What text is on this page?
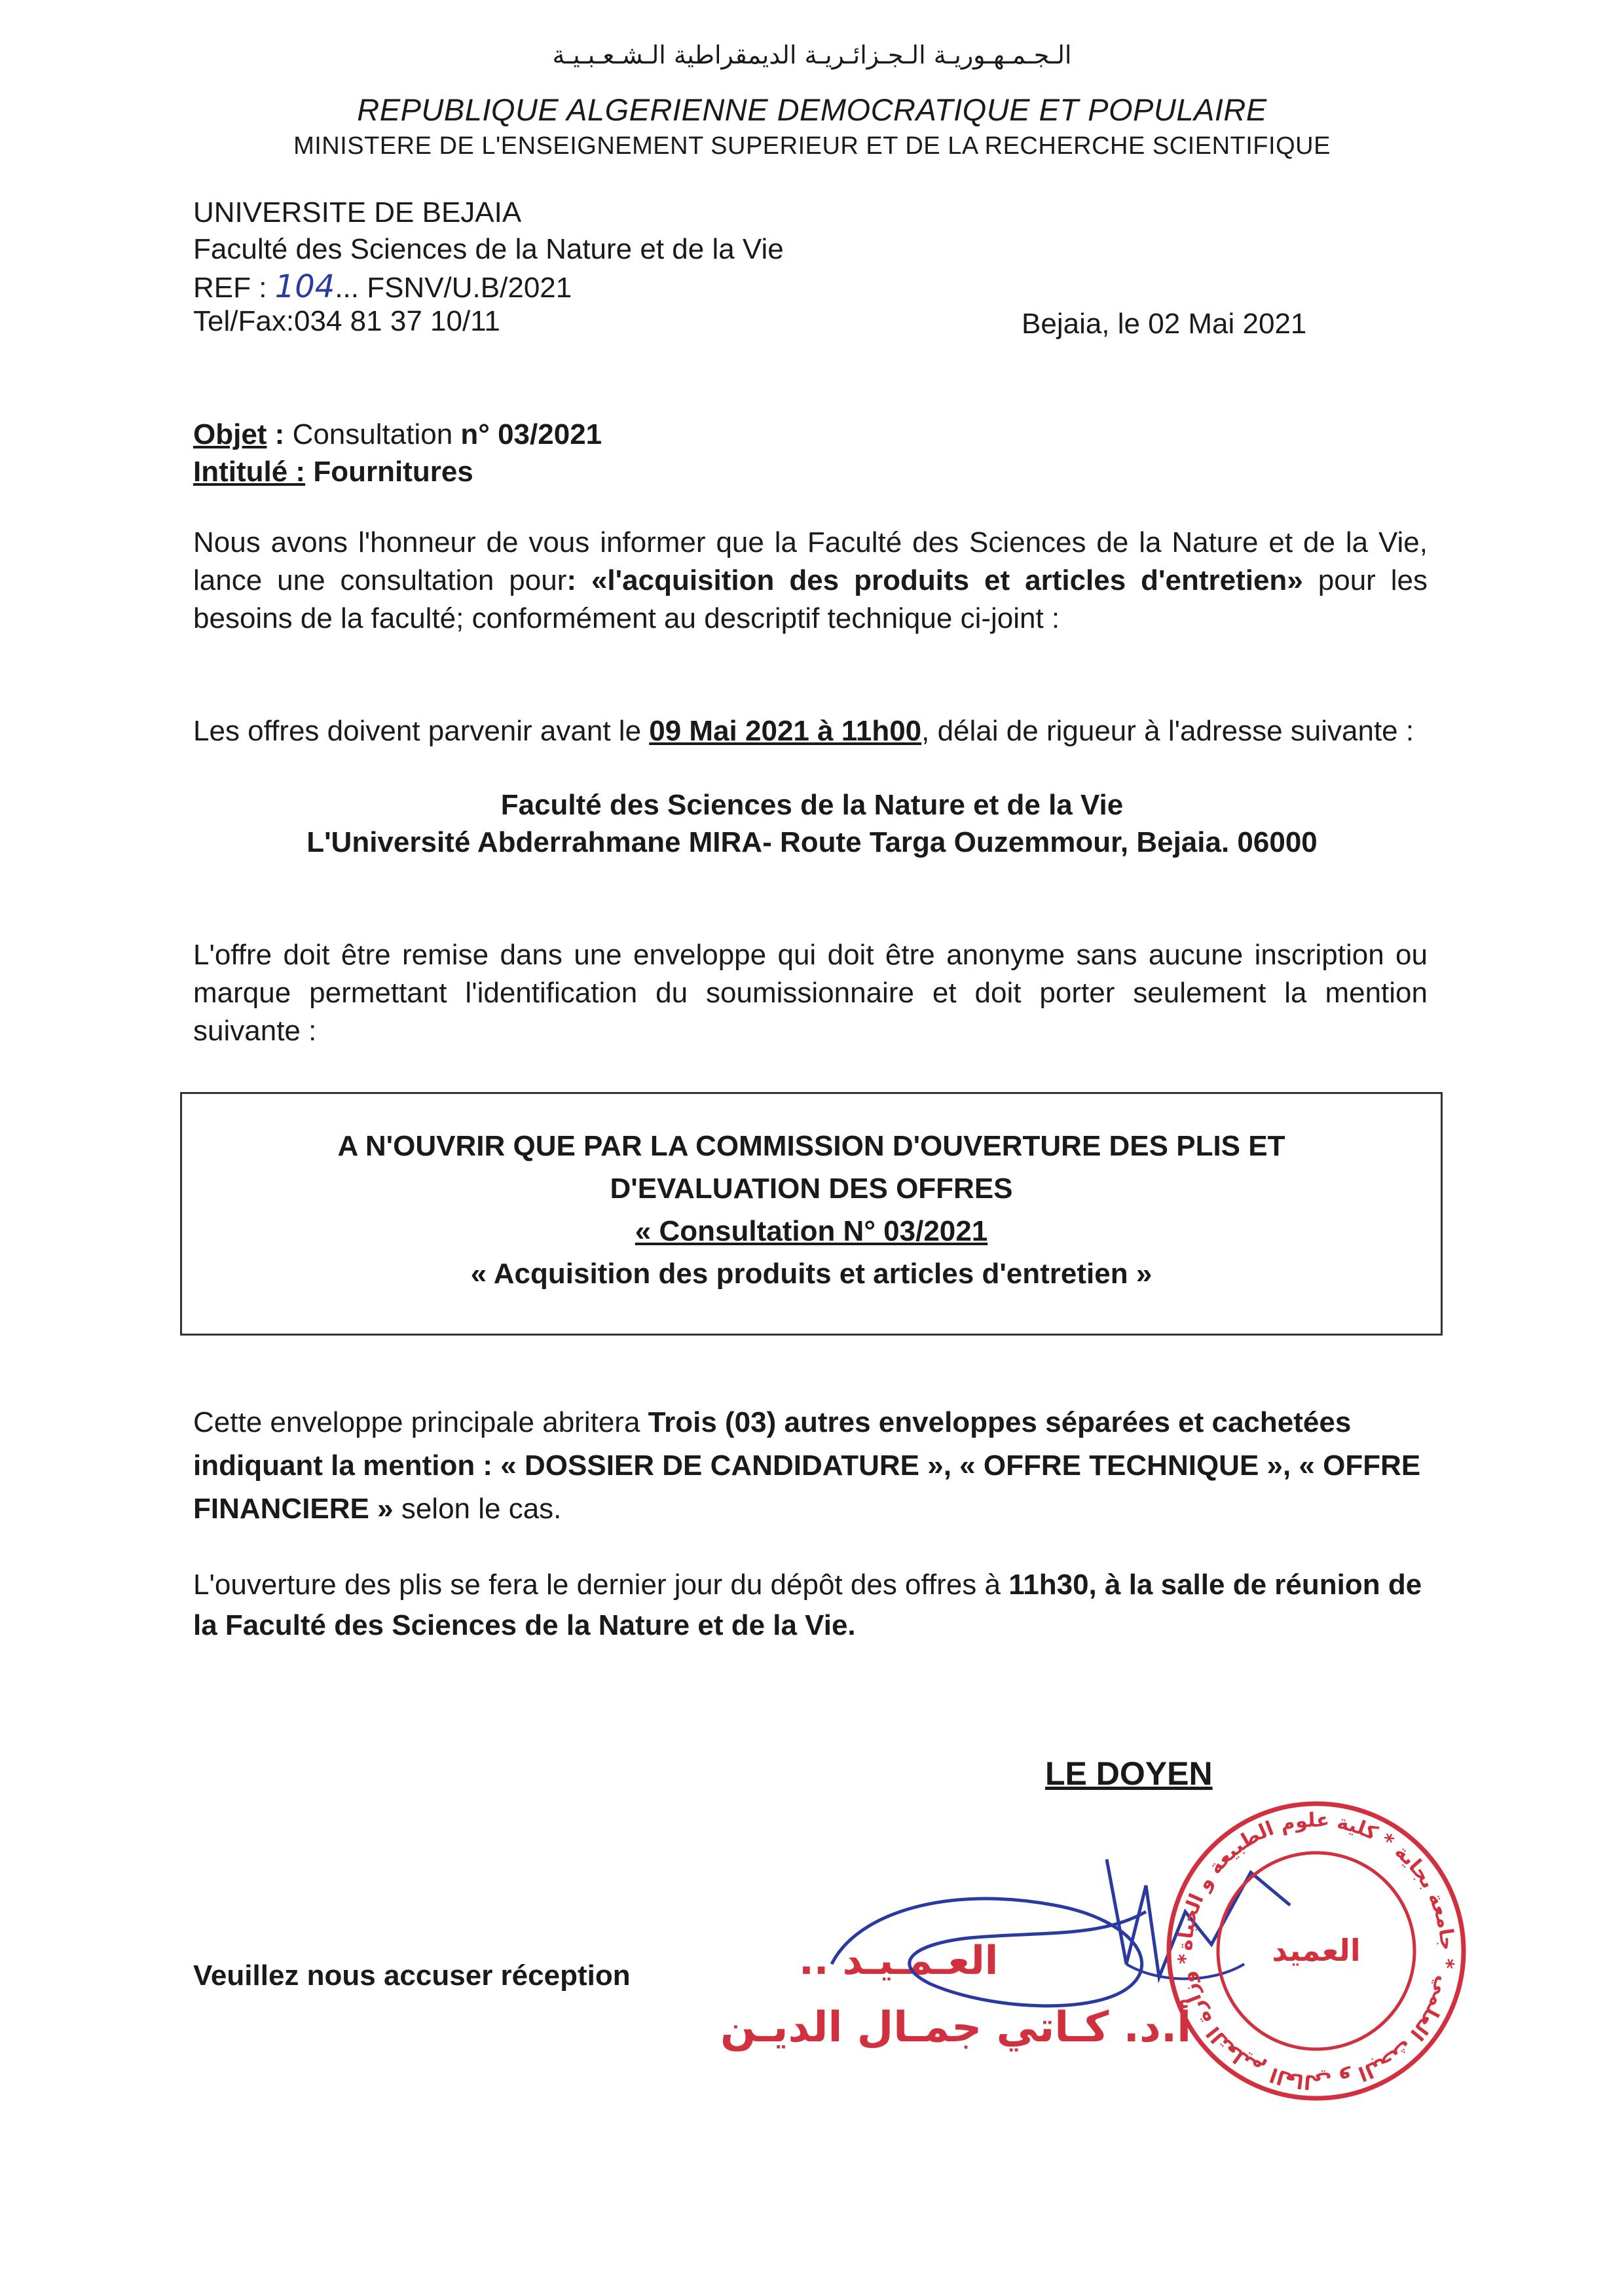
الـجـمـهـوريـة الـجـزائـريـة الديمقراطية الـشـعـبـيـة
REPUBLIQUE ALGERIENNE DEMOCRATIQUE ET POPULAIRE
MINISTERE DE L'ENSEIGNEMENT SUPERIEUR ET DE LA RECHERCHE SCIENTIFIQUE
UNIVERSITE DE BEJAIA
Faculté des Sciences de la Nature et de la Vie
REF : 104... FSNV/U.B/2021
Tel/Fax:034 81 37 10/11	Bejaia, le 02 Mai 2021
Objet : Consultation n° 03/2021
Intitulé : Fournitures
Nous avons l'honneur de vous informer que la Faculté des Sciences de la Nature et de la Vie, lance une consultation pour: «l'acquisition des produits et articles d'entretien» pour les besoins de la faculté; conformément au descriptif technique ci-joint :
Les offres doivent parvenir avant le 09 Mai 2021 à 11h00, délai de rigueur à l'adresse suivante :
Faculté des Sciences de la Nature et de la Vie
L'Université Abderrahmane MIRA- Route Targa Ouzemmour, Bejaia. 06000
L'offre doit être remise dans une enveloppe qui doit être anonyme sans aucune inscription ou marque permettant l'identification du soumissionnaire et doit porter seulement la mention suivante :
A N'OUVRIR QUE PAR LA COMMISSION D'OUVERTURE DES PLIS ET
D'EVALUATION DES OFFRES
« Consultation N° 03/2021
« Acquisition des produits et articles d'entretien »
Cette enveloppe principale abritera Trois (03) autres enveloppes séparées et cachetées indiquant la mention : « DOSSIER DE CANDIDATURE », « OFFRE TECHNIQUE », « OFFRE FINANCIERE » selon le cas.
L'ouverture des plis se fera le dernier jour du dépôt des offres à 11h30, à la salle de réunion de la Faculté des Sciences de la Nature et de la Vie.
LE DOYEN
Veuillez nous accuser réception	العـمـيـد ..
أ.د. كـاتي جمـال الديـن
وزارة التعليم العالي و البحث العلمي * جامعة بجاية * كلية علوم الطبيعة و الحياة *	العميد
